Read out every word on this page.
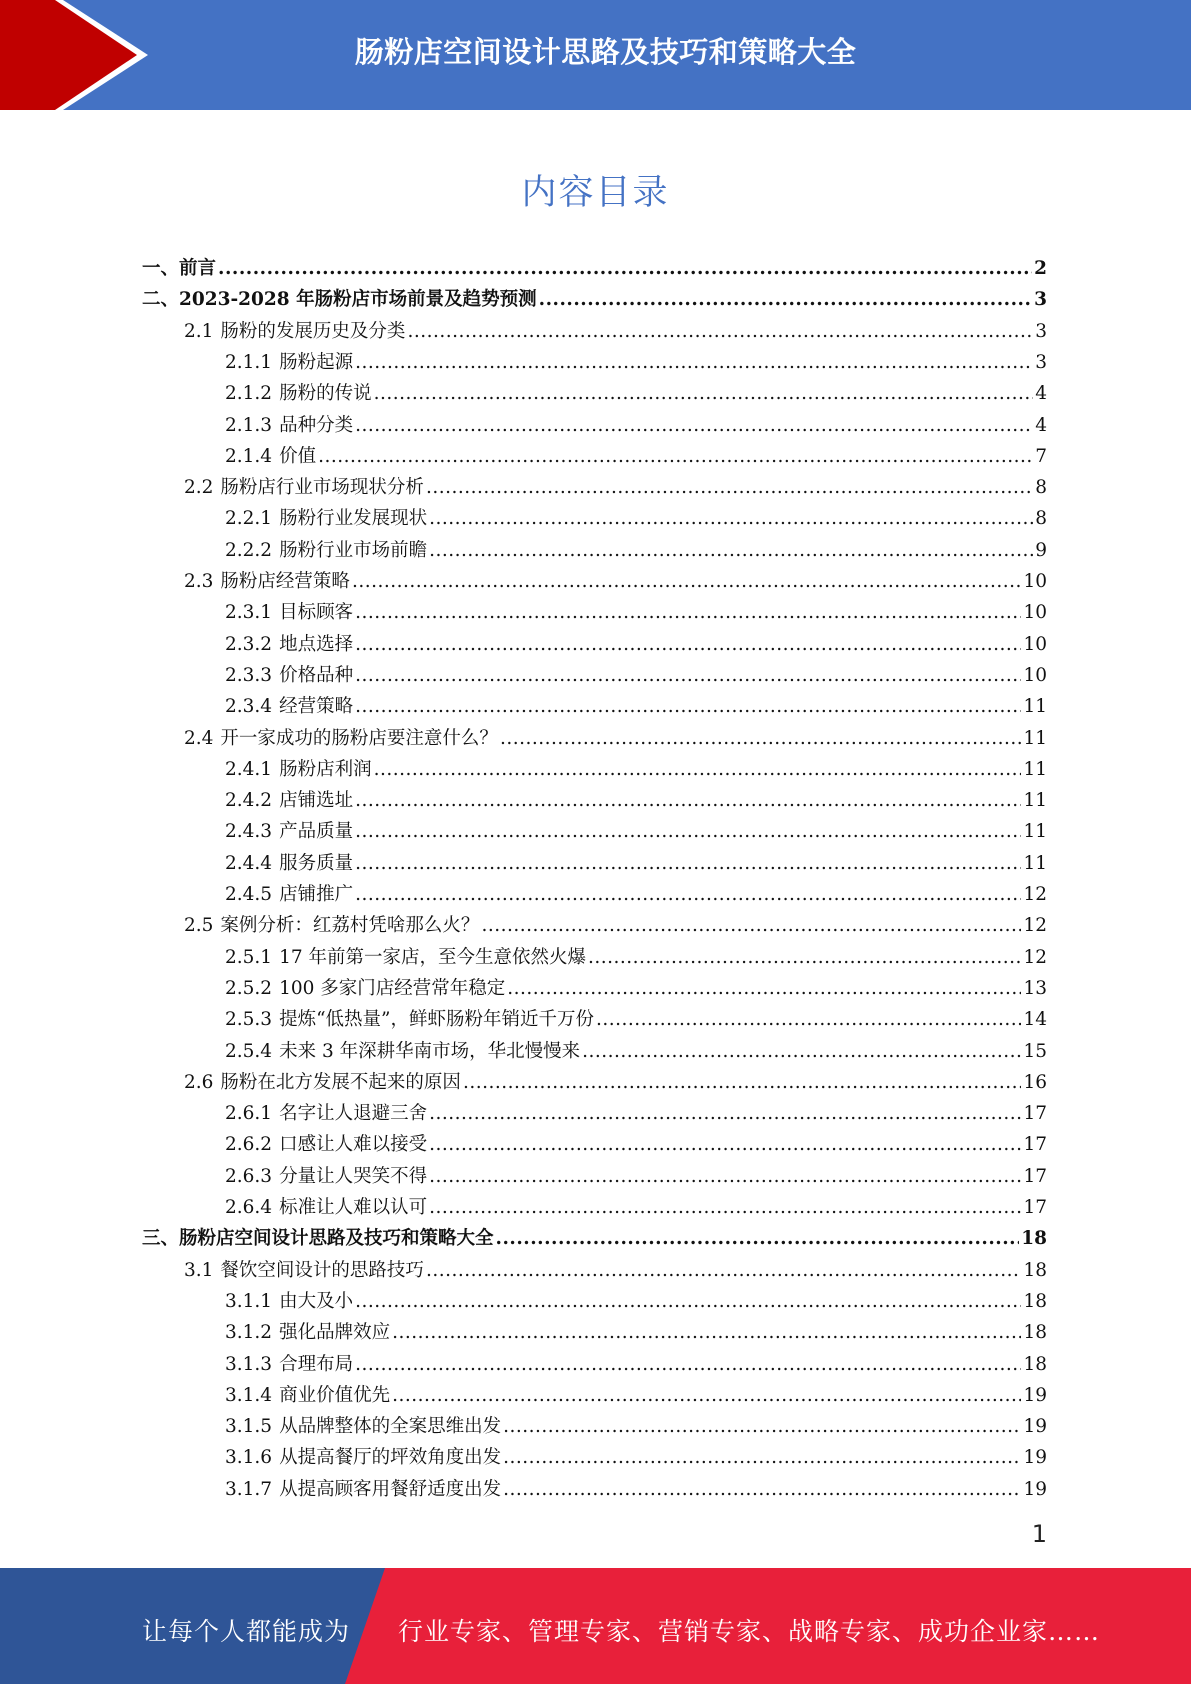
肠粉店空间设计思路及技巧和策略大全
内容目录
一、 前言 .....	2
二、 2023-2028 年肠粉店市场前景及趋势预测 .....	3
2.1 肠粉的发展历史及分类 .....	3
2.1.1 肠粉起源 .....	3
2.1.2 肠粉的传说 .....	4
2.1.3 品种分类 .....	4
2.1.4 价值 .....	7
2.2 肠粉店行业市场现状分析 .....	8
2.2.1 肠粉行业发展现状 .....	8
2.2.2 肠粉行业市场前瞻 .....	9
2.3 肠粉店经营策略 .....	10
2.3.1 目标顾客 .....	10
2.3.2 地点选择 .....	10
2.3.3 价格品种 .....	10
2.3.4 经营策略 .....	11
2.4 开一家成功的肠粉店要注意什么？ .....	11
2.4.1 肠粉店利润 .....	11
2.4.2 店铺选址 .....	11
2.4.3 产品质量 .....	11
2.4.4 服务质量 .....	11
2.4.5 店铺推广 .....	12
2.5 案例分析：红荔村凭啥那么火？ .....	12
2.5.1 17 年前第一家店，至今生意依然火爆 .....	12
2.5.2 100 多家门店经营常年稳定 .....	13
2.5.3 提炼“低热量”，鲜虾肠粉年销近千万份 .....	14
2.5.4 未来 3 年深耕华南市场，华北慢慢来 .....	15
2.6 肠粉在北方发展不起来的原因 .....	16
2.6.1 名字让人退避三舍 .....	17
2.6.2 口感让人难以接受 .....	17
2.6.3 分量让人哭笑不得 .....	17
2.6.4 标准让人难以认可 .....	17
三、 肠粉店空间设计思路及技巧和策略大全 .....	18
3.1 餐饮空间设计的思路技巧 .....	18
3.1.1 由大及小 .....	18
3.1.2 强化品牌效应 .....	18
3.1.3 合理布局 .....	18
3.1.4 商业价值优先 .....	19
3.1.5 从品牌整体的全案思维出发 .....	19
3.1.6 从提高餐厅的坪效角度出发 .....	19
3.1.7 从提高顾客用餐舒适度出发 .....	19
1
让每个人都能成为 行业专家、管理专家、营销专家、战略专家、成功企业家……
